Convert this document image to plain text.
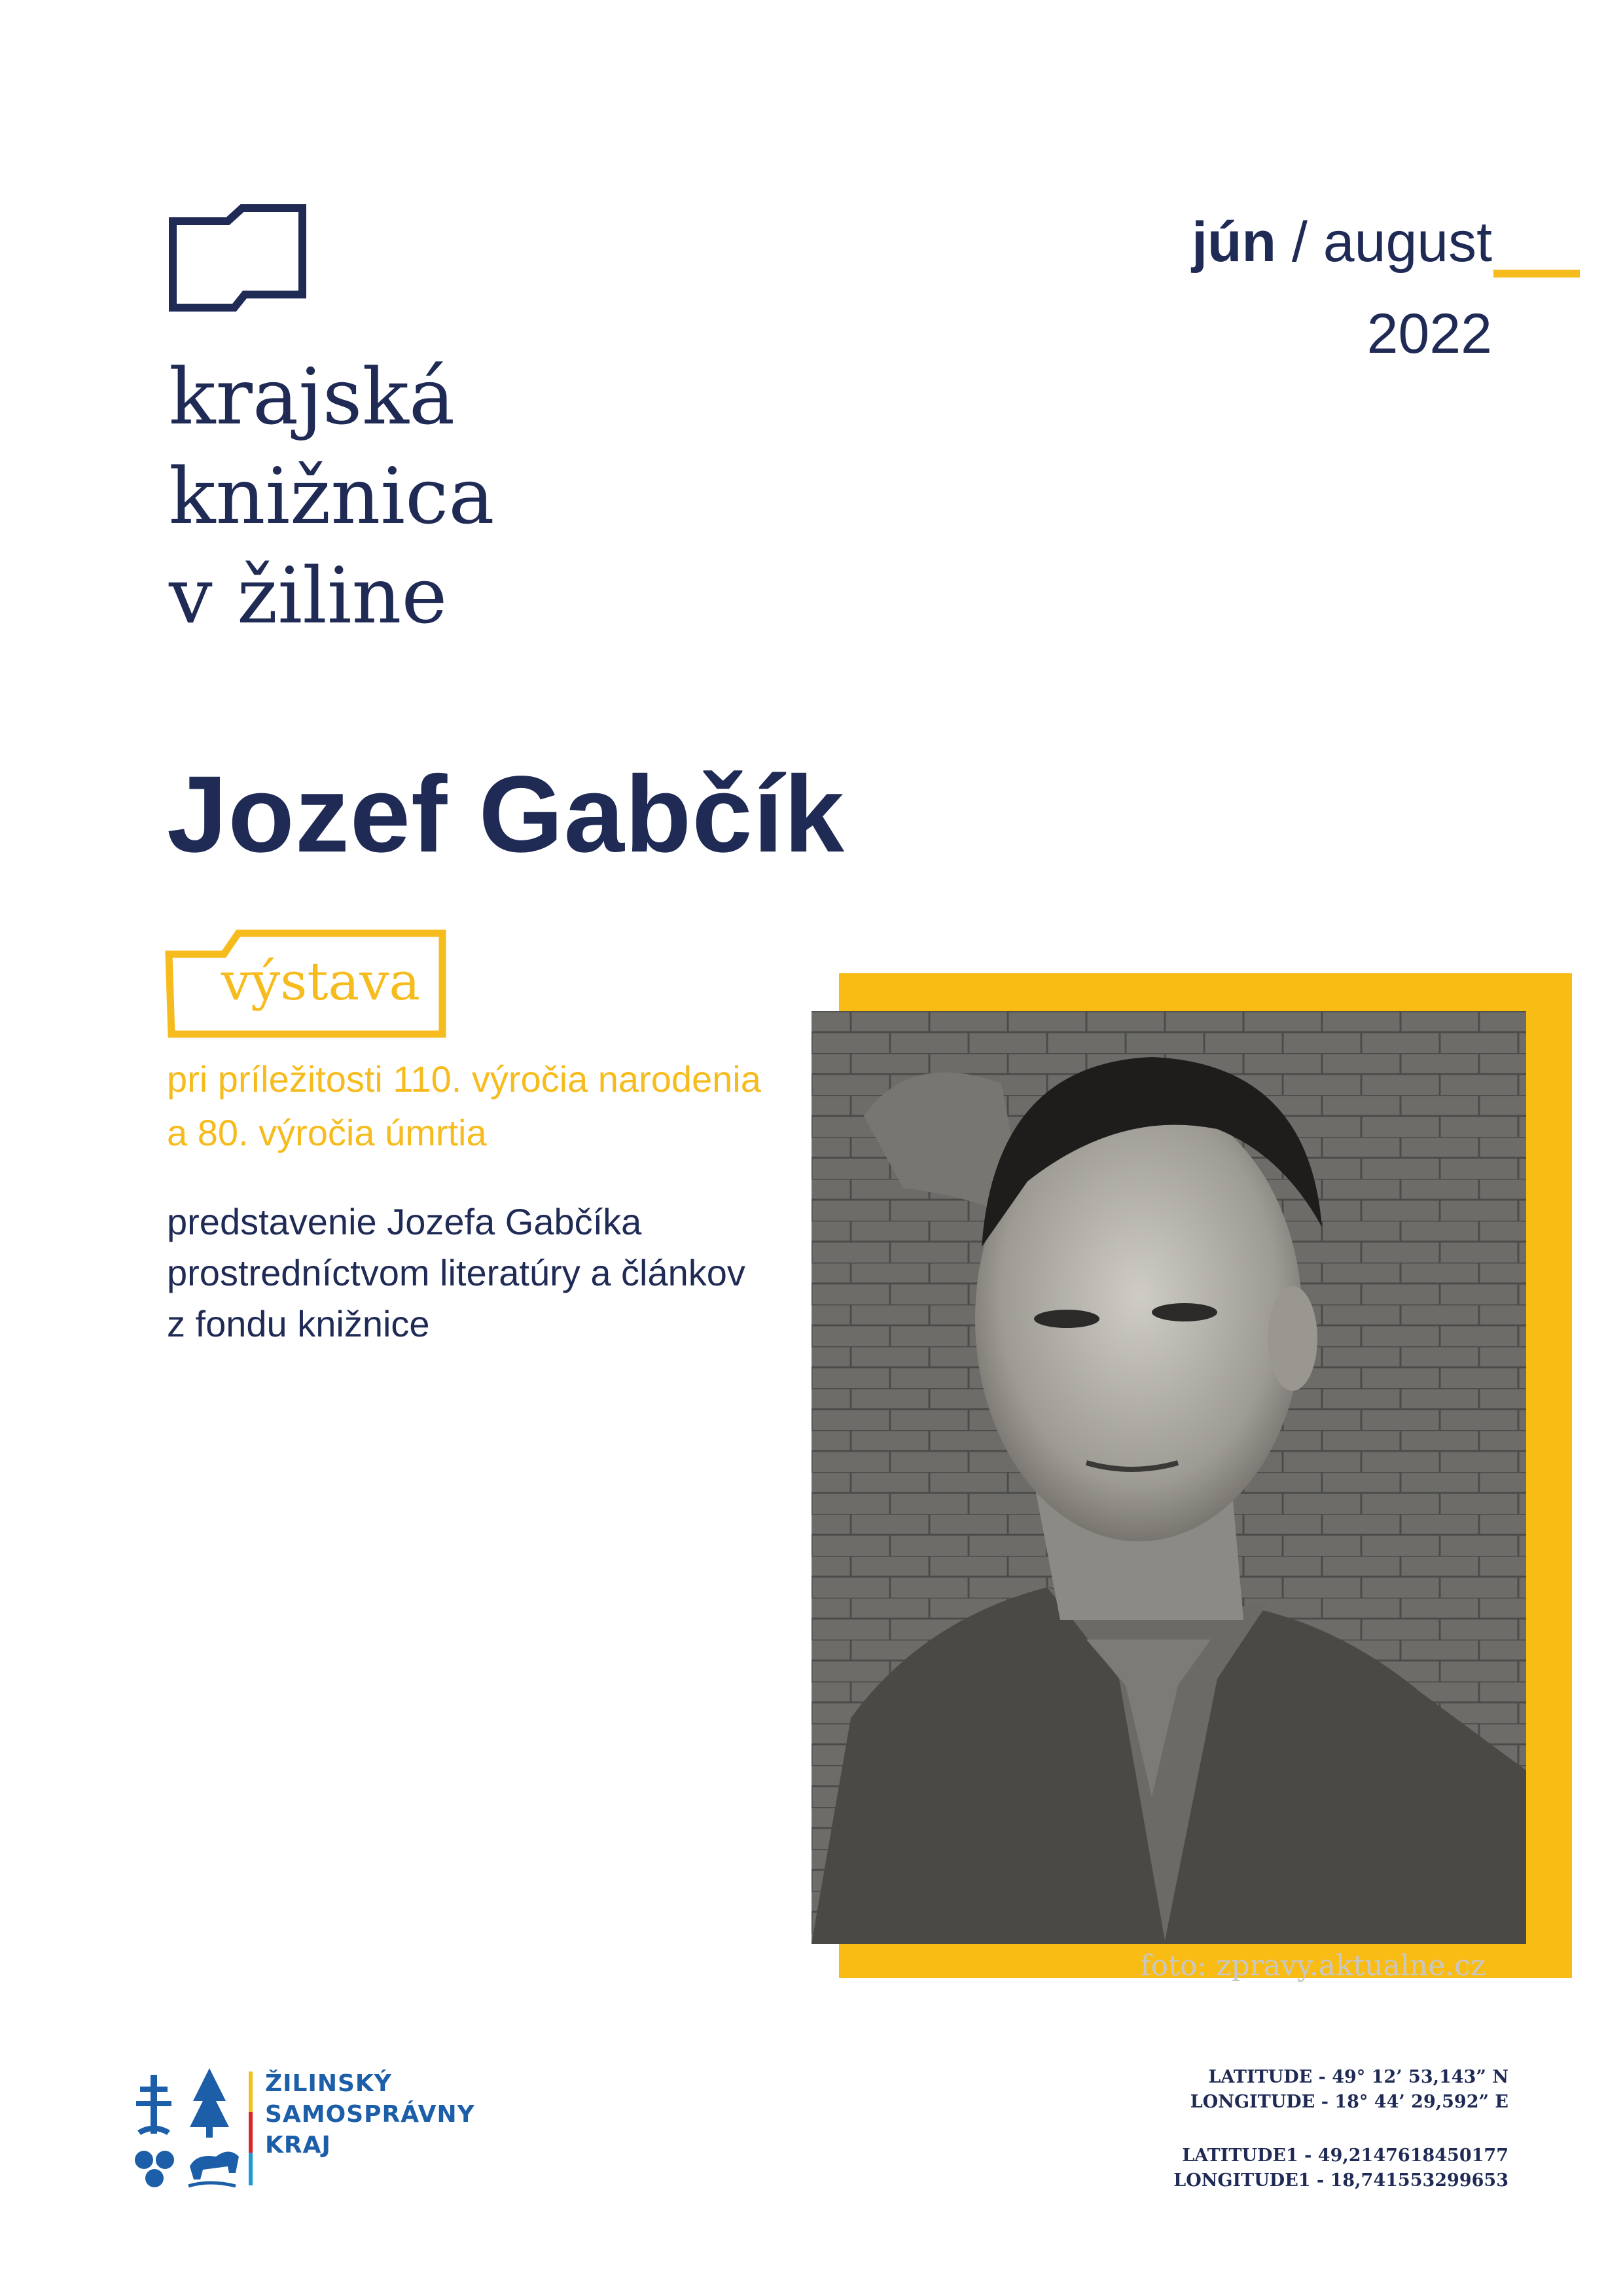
krajská
knižnica
v žiline
jún / august
2022
Jozef Gabčík
výstava
pri príležitosti 110. výročia narodenia
a 80. výročia úmrtia
predstavenie Jozefa Gabčíka
prostredníctvom literatúry a článkov
z fondu knižnice
foto: zpravy.aktualne.cz
ŽILINSKÝ
SAMOSPRÁVNY
KRAJ
LATITUDE - 49° 12’ 53,143” N
LONGITUDE - 18° 44’ 29,592” E
LATITUDE1 - 49,2147618450177
LONGITUDE1 - 18,741553299653
